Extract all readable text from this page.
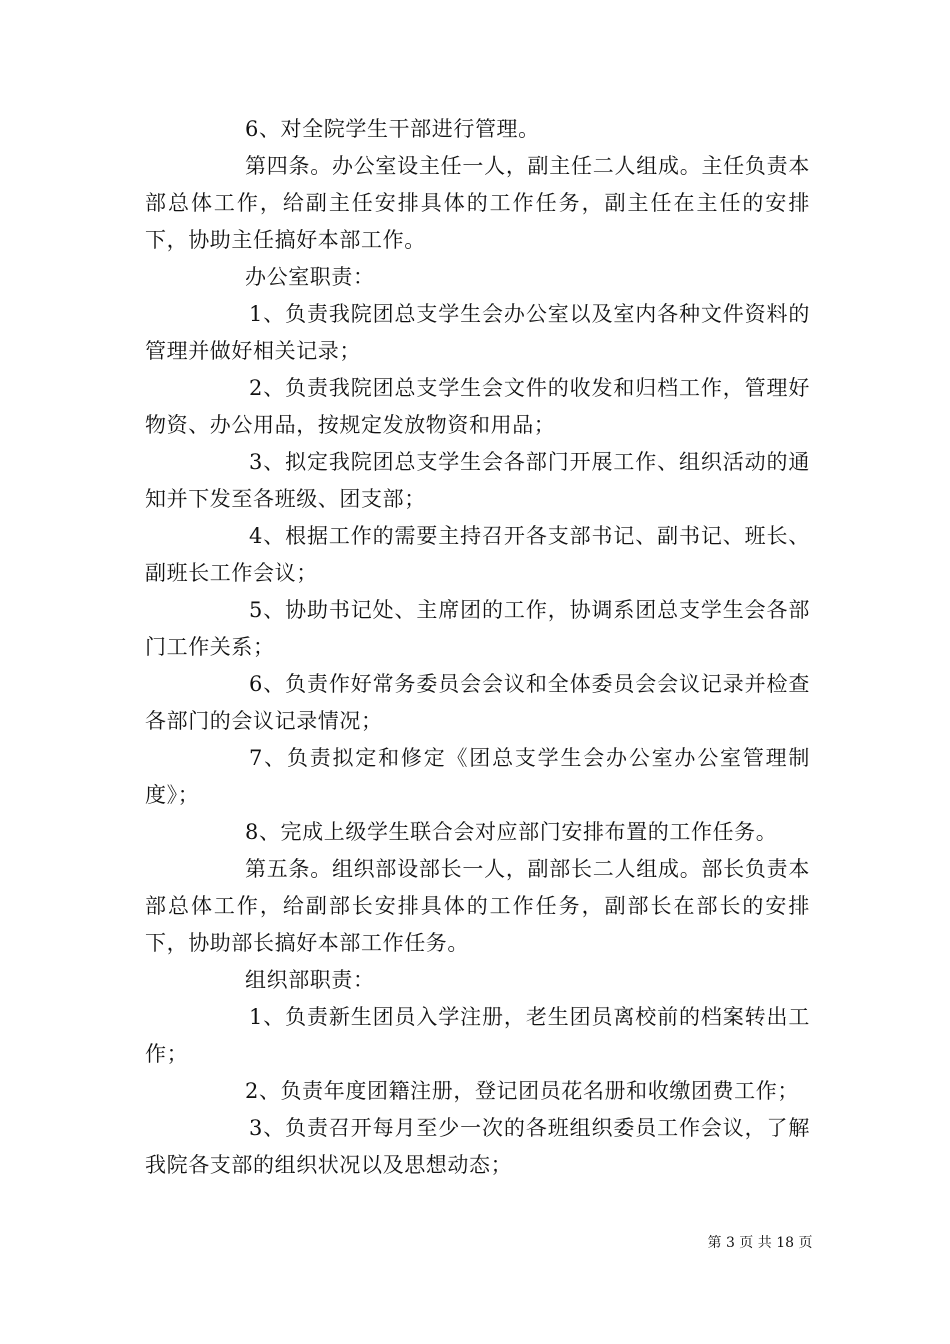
6、对全院学生干部进行管理。

第四条。办公室设主任一人，副主任二人组成。主任负责本部总体工作，给副主任安排具体的工作任务，副主任在主任的安排下，协助主任搞好本部工作。

办公室职责：

1、负责我院团总支学生会办公室以及室内各种文件资料的管理并做好相关记录；

2、负责我院团总支学生会文件的收发和归档工作，管理好物资、办公用品，按规定发放物资和用品；

3、拟定我院团总支学生会各部门开展工作、组织活动的通知并下发至各班级、团支部；

4、根据工作的需要主持召开各支部书记、副书记、班长、副班长工作会议；

5、协助书记处、主席团的工作，协调系团总支学生会各部门工作关系；

6、负责作好常务委员会会议和全体委员会会议记录并检查各部门的会议记录情况；

7、负责拟定和修定《团总支学生会办公室办公室管理制度》；

8、完成上级学生联合会对应部门安排布置的工作任务。

第五条。组织部设部长一人，副部长二人组成。部长负责本部总体工作，给副部长安排具体的工作任务，副部长在部长的安排下，协助部长搞好本部工作任务。

组织部职责：

1、负责新生团员入学注册，老生团员离校前的档案转出工作；

2、负责年度团籍注册，登记团员花名册和收缴团费工作；

3、负责召开每月至少一次的各班组织委员工作会议，了解我院各支部的组织状况以及思想动态；

第 3 页 共 18 页
